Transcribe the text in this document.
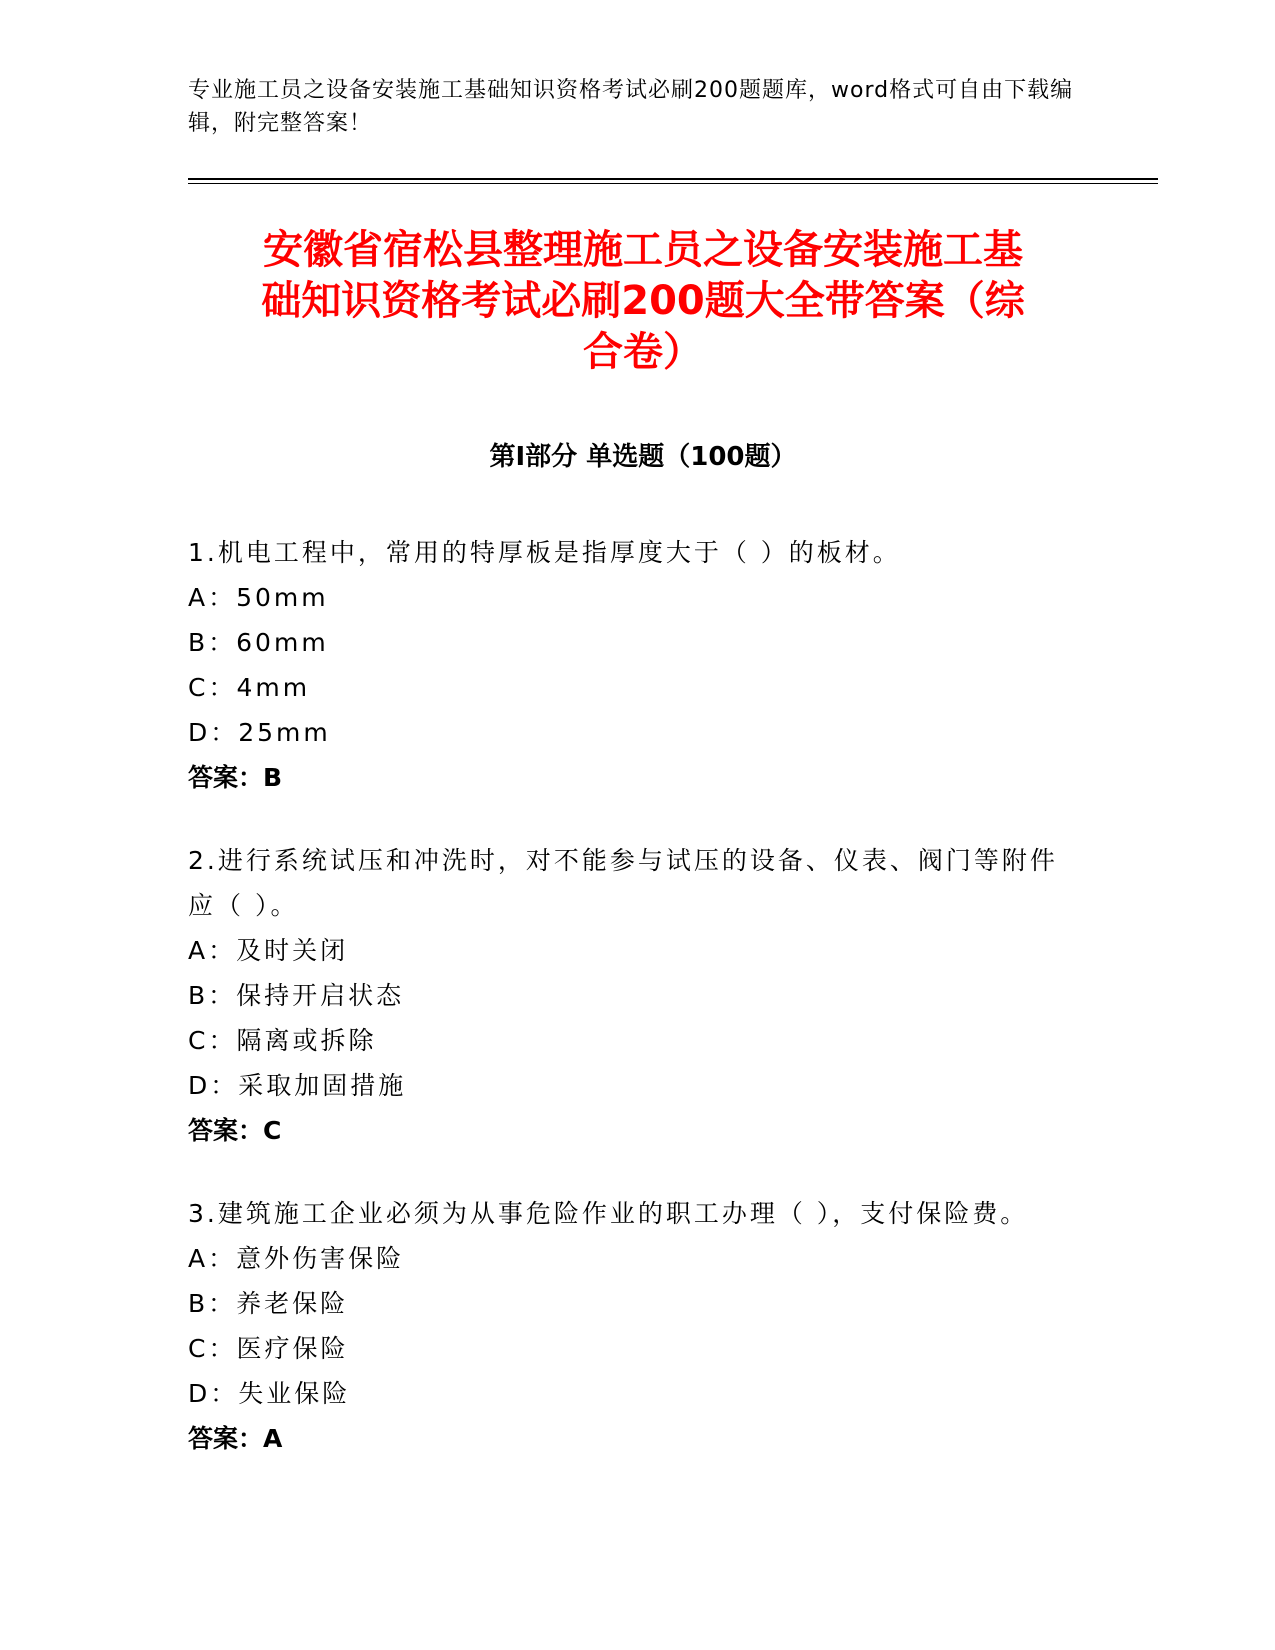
专业施工员之设备安装施工基础知识资格考试必刷200题题库，word格式可自由下载编辑，附完整答案！
安徽省宿松县整理施工员之设备安装施工基
础知识资格考试必刷200题大全带答案（综
合卷）
第Ⅰ部分 单选题（100题）

1.机电工程中，常用的特厚板是指厚度大于（ ）的板材。

A：50mm

B：60mm

C：4mm

D：25mm

答案：B

2.进行系统试压和冲洗时，对不能参与试压的设备、仪表、阀门等附件应（ ）。

A：及时关闭

B：保持开启状态

C：隔离或拆除

D：采取加固措施

答案：C

3.建筑施工企业必须为从事危险作业的职工办理（ ），支付保险费。

A：意外伤害保险

B：养老保险

C：医疗保险

D：失业保险

答案：A
